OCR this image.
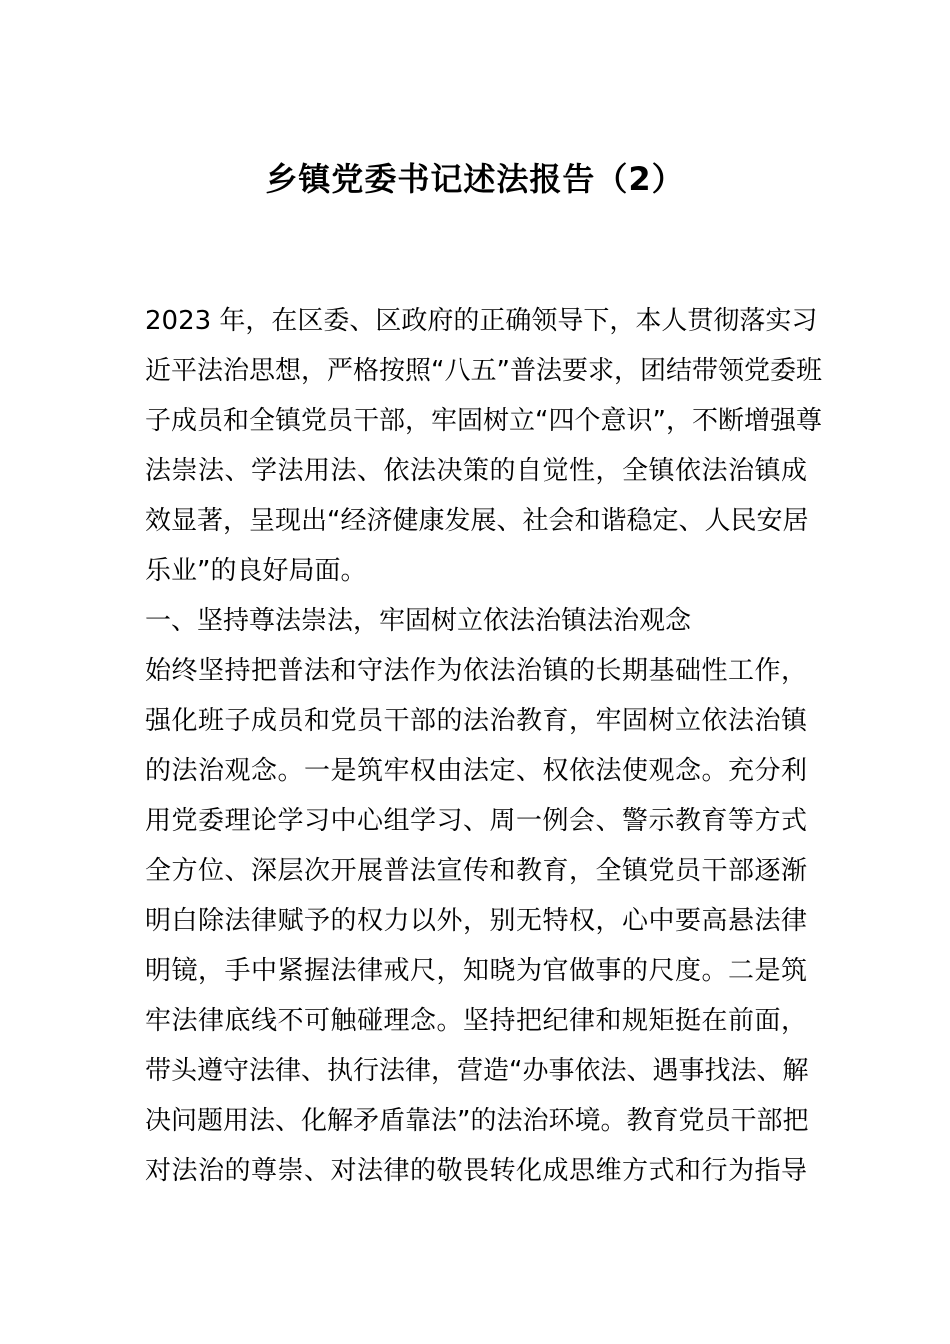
乡镇党委书记述法报告（2）
2023 年，在区委、区政府的正确领导下，本人贯彻落实习
近平法治思想，严格按照“八五”普法要求，团结带领党委班
子成员和全镇党员干部，牢固树立“四个意识”，不断增强尊
法崇法、学法用法、依法决策的自觉性，全镇依法治镇成
效显著，呈现出“经济健康发展、社会和谐稳定、人民安居
乐业”的良好局面。
一、坚持尊法崇法，牢固树立依法治镇法治观念
始终坚持把普法和守法作为依法治镇的长期基础性工作，
强化班子成员和党员干部的法治教育，牢固树立依法治镇
的法治观念。一是筑牢权由法定、权依法使观念。充分利
用党委理论学习中心组学习、周一例会、警示教育等方式
全方位、深层次开展普法宣传和教育，全镇党员干部逐渐
明白除法律赋予的权力以外，别无特权，心中要高悬法律
明镜，手中紧握法律戒尺，知晓为官做事的尺度。二是筑
牢法律底线不可触碰理念。坚持把纪律和规矩挺在前面，
带头遵守法律、执行法律，营造“办事依法、遇事找法、解
决问题用法、化解矛盾靠法”的法治环境。教育党员干部把
对法治的尊崇、对法律的敬畏转化成思维方式和行为指导
